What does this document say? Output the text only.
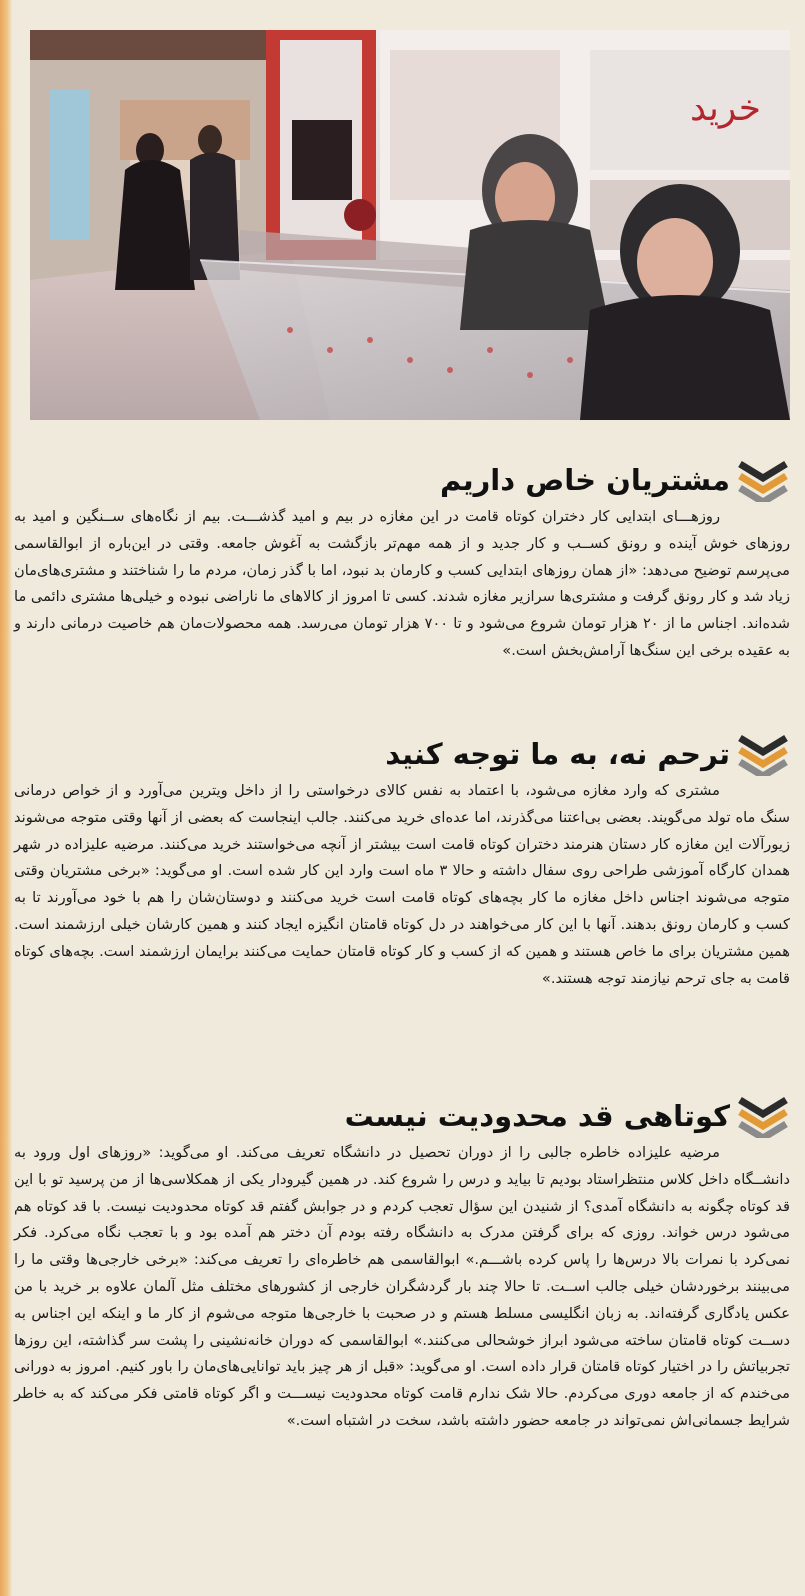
خرید
مشتریان خاص داریم

روزهـــای ابتدایی کار دختران کوتاه قامت در این مغازه در بیم و امید گذشـــت. بیم از نگاه‌های ســنگین و امید به روزهای خوش آینده و رونق کســب و کار جدید و از همه مهم‌تر بازگشت به آغوش جامعه. وقتی در این‌باره از ابوالقاسمی می‌پرسم توضیح می‌دهد: «از همان روزهای ابتدایی کسب و کارمان بد نبود، اما با گذر زمان، مردم ما را شناختند و مشتری‌های‌مان زیاد شد و کار رونق گرفت و مشتری‌ها سرازیر مغازه شدند. کسی تا امروز از کالاهای ما ناراضی نبوده و خیلی‌ها مشتری دائمی ما شده‌اند. اجناس ما از ۲۰ هزار تومان شروع می‌شود و تا ۷۰۰ هزار تومان می‌رسد. همه محصولات‌مان هم خاصیت درمانی دارند و به عقیده برخی این سنگ‌ها آرامش‌بخش است.»

ترحم نه، به ما توجه کنید

مشتری که وارد مغازه می‌شود، با اعتماد به نفس کالای درخواستی را از داخل ویترین می‌آورد و از خواص درمانی سنگ ماه تولد می‌گویند. بعضی بی‌اعتنا می‌گذرند، اما عده‌ای خرید می‌کنند. جالب اینجاست که بعضی از آنها وقتی متوجه می‌شوند زیورآلات این مغازه کار دستان هنرمند دختران کوتاه قامت است بیشتر از آنچه می‌خواستند خرید می‌کنند. مرضیه علیزاده در شهر همدان کارگاه آموزشی طراحی روی سفال داشته و حالا ۳ ماه است وارد این کار شده است. او می‌گوید: «برخی مشتریان وقتی متوجه می‌شوند اجناس داخل مغازه ما کار بچه‌های کوتاه قامت است خرید می‌کنند و دوستان‌شان را هم با خود می‌آورند تا به کسب و کارمان رونق بدهند. آنها با این کار می‌خواهند در دل کوتاه قامتان انگیزه ایجاد کنند و همین کارشان خیلی ارزشمند است. همین مشتریان برای ما خاص هستند و همین که از کسب و کار کوتاه قامتان حمایت می‌کنند برایمان ارزشمند است. بچه‌های کوتاه قامت به جای ترحم نیازمند توجه هستند.»

کوتاهی قد محدودیت نیست

مرضیه علیزاده خاطره جالبی را از دوران تحصیل در دانشگاه تعریف می‌کند. او می‌گوید: «روزهای اول ورود به دانشــگاه داخل کلاس منتظراستاد بودیم تا بیاید و درس را شروع کند. در همین گیرودار یکی از همکلاسی‌ها از من پرسید تو با این قد کوتاه چگونه به دانشگاه آمدی؟ از شنیدن این سؤال تعجب کردم و در جوابش گفتم قد کوتاه محدودیت نیست. با قد کوتاه هم می‌شود درس خواند. روزی که برای گرفتن مدرک به دانشگاه رفته بودم آن دختر هم آمده بود و با تعجب نگاه می‌کرد. فکر نمی‌کرد با نمرات بالا درس‌ها را پاس کرده باشـــم.» ابوالقاسمی هم خاطره‌ای را تعریف می‌کند: «برخی خارجی‌ها وقتی ما را می‌بینند برخوردشان خیلی جالب اســت. تا حالا چند بار گردشگران خارجی از کشورهای مختلف مثل آلمان علاوه بر خرید با من عکس یادگاری گرفته‌اند. به زبان انگلیسی مسلط هستم و در صحبت با خارجی‌ها متوجه می‌شوم از کار ما و اینکه این اجناس به دســت کوتاه قامتان ساخته می‌شود ابراز خوشحالی می‌کنند.» ابوالقاسمی که دوران خانه‌نشینی را پشت سر گذاشته، این روزها تجربیاتش را در اختیار کوتاه قامتان قرار داده است. او می‌گوید: «قبل از هر چیز باید توانایی‌های‌مان را باور کنیم. امروز به دورانی می‌خندم که از جامعه دوری می‌کردم. حالا شک ندارم قامت کوتاه محدودیت نیســـت و اگر کوتاه قامتی فکر می‌کند که به خاطر شرایط جسمانی‌اش نمی‌تواند در جامعه حضور داشته باشد، سخت در اشتباه است.»
